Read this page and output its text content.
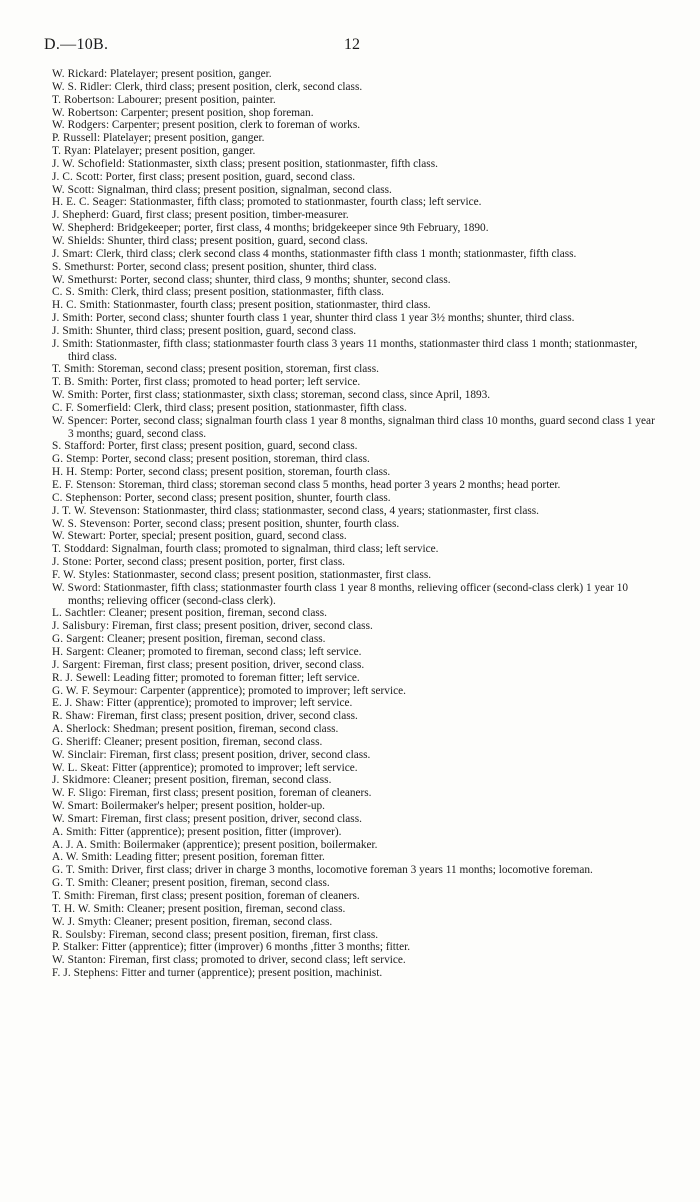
D.—10B.	12
W. Rickard: Platelayer; present position, ganger.
W. S. Ridler: Clerk, third class; present position, clerk, second class.
T. Robertson: Labourer; present position, painter.
W. Robertson: Carpenter; present position, shop foreman.
W. Rodgers: Carpenter; present position, clerk to foreman of works.
P. Russell: Platelayer; present position, ganger.
T. Ryan: Platelayer; present position, ganger.
J. W. Schofield: Stationmaster, sixth class; present position, stationmaster, fifth class.
J. C. Scott: Porter, first class; present position, guard, second class.
W. Scott: Signalman, third class; present position, signalman, second class.
H. E. C. Seager: Stationmaster, fifth class; promoted to stationmaster, fourth class; left service.
J. Shepherd: Guard, first class; present position, timber-measurer.
W. Shepherd: Bridgekeeper; porter, first class, 4 months; bridgekeeper since 9th February, 1890.
W. Shields: Shunter, third class; present position, guard, second class.
J. Smart: Clerk, third class; clerk second class 4 months, stationmaster fifth class 1 month; stationmaster, fifth class.
S. Smethurst: Porter, second class; present position, shunter, third class.
W. Smethurst: Porter, second class; shunter, third class, 9 months; shunter, second class.
C. S. Smith: Clerk, third class; present position, stationmaster, fifth class.
H. C. Smith: Stationmaster, fourth class; present position, stationmaster, third class.
J. Smith: Porter, second class; shunter fourth class 1 year, shunter third class 1 year 3½ months; shunter, third class.
J. Smith: Shunter, third class; present position, guard, second class.
J. Smith: Stationmaster, fifth class; stationmaster fourth class 3 years 11 months, stationmaster third class 1 month; stationmaster, third class.
T. Smith: Storeman, second class; present position, storeman, first class.
T. B. Smith: Porter, first class; promoted to head porter; left service.
W. Smith: Porter, first class; stationmaster, sixth class; storeman, second class, since April, 1893.
C. F. Somerfield: Clerk, third class; present position, stationmaster, fifth class.
W. Spencer: Porter, second class; signalman fourth class 1 year 8 months, signalman third class 10 months, guard second class 1 year 3 months; guard, second class.
S. Stafford: Porter, first class; present position, guard, second class.
G. Stemp: Porter, second class; present position, storeman, third class.
H. H. Stemp: Porter, second class; present position, storeman, fourth class.
E. F. Stenson: Storeman, third class; storeman second class 5 months, head porter 3 years 2 months; head porter.
C. Stephenson: Porter, second class; present position, shunter, fourth class.
J. T. W. Stevenson: Stationmaster, third class; stationmaster, second class, 4 years; stationmaster, first class.
W. S. Stevenson: Porter, second class; present position, shunter, fourth class.
W. Stewart: Porter, special; present position, guard, second class.
T. Stoddard: Signalman, fourth class; promoted to signalman, third class; left service.
J. Stone: Porter, second class; present position, porter, first class.
F. W. Styles: Stationmaster, second class; present position, stationmaster, first class.
W. Sword: Stationmaster, fifth class; stationmaster fourth class 1 year 8 months, relieving officer (second-class clerk) 1 year 10 months; relieving officer (second-class clerk).
L. Sachtler: Cleaner; present position, fireman, second class.
J. Salisbury: Fireman, first class; present position, driver, second class.
G. Sargent: Cleaner; present position, fireman, second class.
H. Sargent: Cleaner; promoted to fireman, second class; left service.
J. Sargent: Fireman, first class; present position, driver, second class.
R. J. Sewell: Leading fitter; promoted to foreman fitter; left service.
G. W. F. Seymour: Carpenter (apprentice); promoted to improver; left service.
E. J. Shaw: Fitter (apprentice); promoted to improver; left service.
R. Shaw: Fireman, first class; present position, driver, second class.
A. Sherlock: Shedman; present position, fireman, second class.
G. Sheriff: Cleaner; present position, fireman, second class.
W. Sinclair: Fireman, first class; present position, driver, second class.
W. L. Skeat: Fitter (apprentice); promoted to improver; left service.
J. Skidmore: Cleaner; present position, fireman, second class.
W. F. Sligo: Fireman, first class; present position, foreman of cleaners.
W. Smart: Boilermaker's helper; present position, holder-up.
W. Smart: Fireman, first class; present position, driver, second class.
A. Smith: Fitter (apprentice); present position, fitter (improver).
A. J. A. Smith: Boilermaker (apprentice); present position, boilermaker.
A. W. Smith: Leading fitter; present position, foreman fitter.
G. T. Smith: Driver, first class; driver in charge 3 months, locomotive foreman 3 years 11 months; locomotive foreman.
G. T. Smith: Cleaner; present position, fireman, second class.
T. Smith: Fireman, first class; present position, foreman of cleaners.
T. H. W. Smith: Cleaner; present position, fireman, second class.
W. J. Smyth: Cleaner; present position, fireman, second class.
R. Soulsby: Fireman, second class; present position, fireman, first class.
P. Stalker: Fitter (apprentice); fitter (improver) 6 months ,fitter 3 months; fitter.
W. Stanton: Fireman, first class; promoted to driver, second class; left service.
F. J. Stephens: Fitter and turner (apprentice); present position, machinist.
